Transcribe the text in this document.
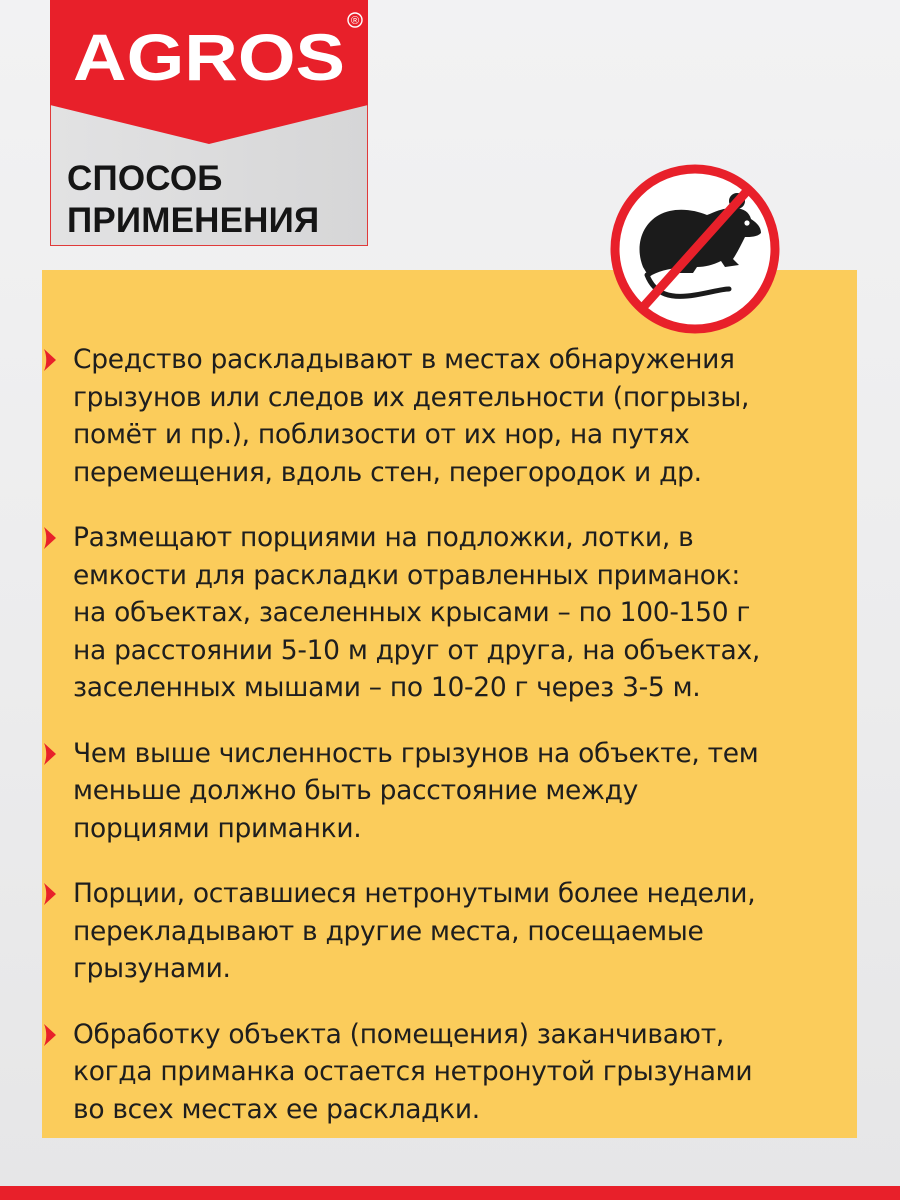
AGROS ®
СПОСОБ
ПРИМЕНЕНИЯ
Средство раскладывают в местах обнаружения
грызунов или следов их деятельности (погрызы,
помёт и пр.), поблизости от их нор, на путях
перемещения, вдоль стен, перегородок и др.
Размещают порциями на подложки, лотки, в
емкости для раскладки отравленных приманок:
на объектах, заселенных крысами – по 100-150 г
на расстоянии 5-10 м друг от друга, на объектах,
заселенных мышами – по 10-20 г через 3-5 м.
Чем выше численность грызунов на объекте, тем
меньше должно быть расстояние между
порциями приманки.
Порции, оставшиеся нетронутыми более недели,
перекладывают в другие места, посещаемые
грызунами.
Обработку объекта (помещения) заканчивают,
когда приманка остается нетронутой грызунами
во всех местах ее раскладки.
